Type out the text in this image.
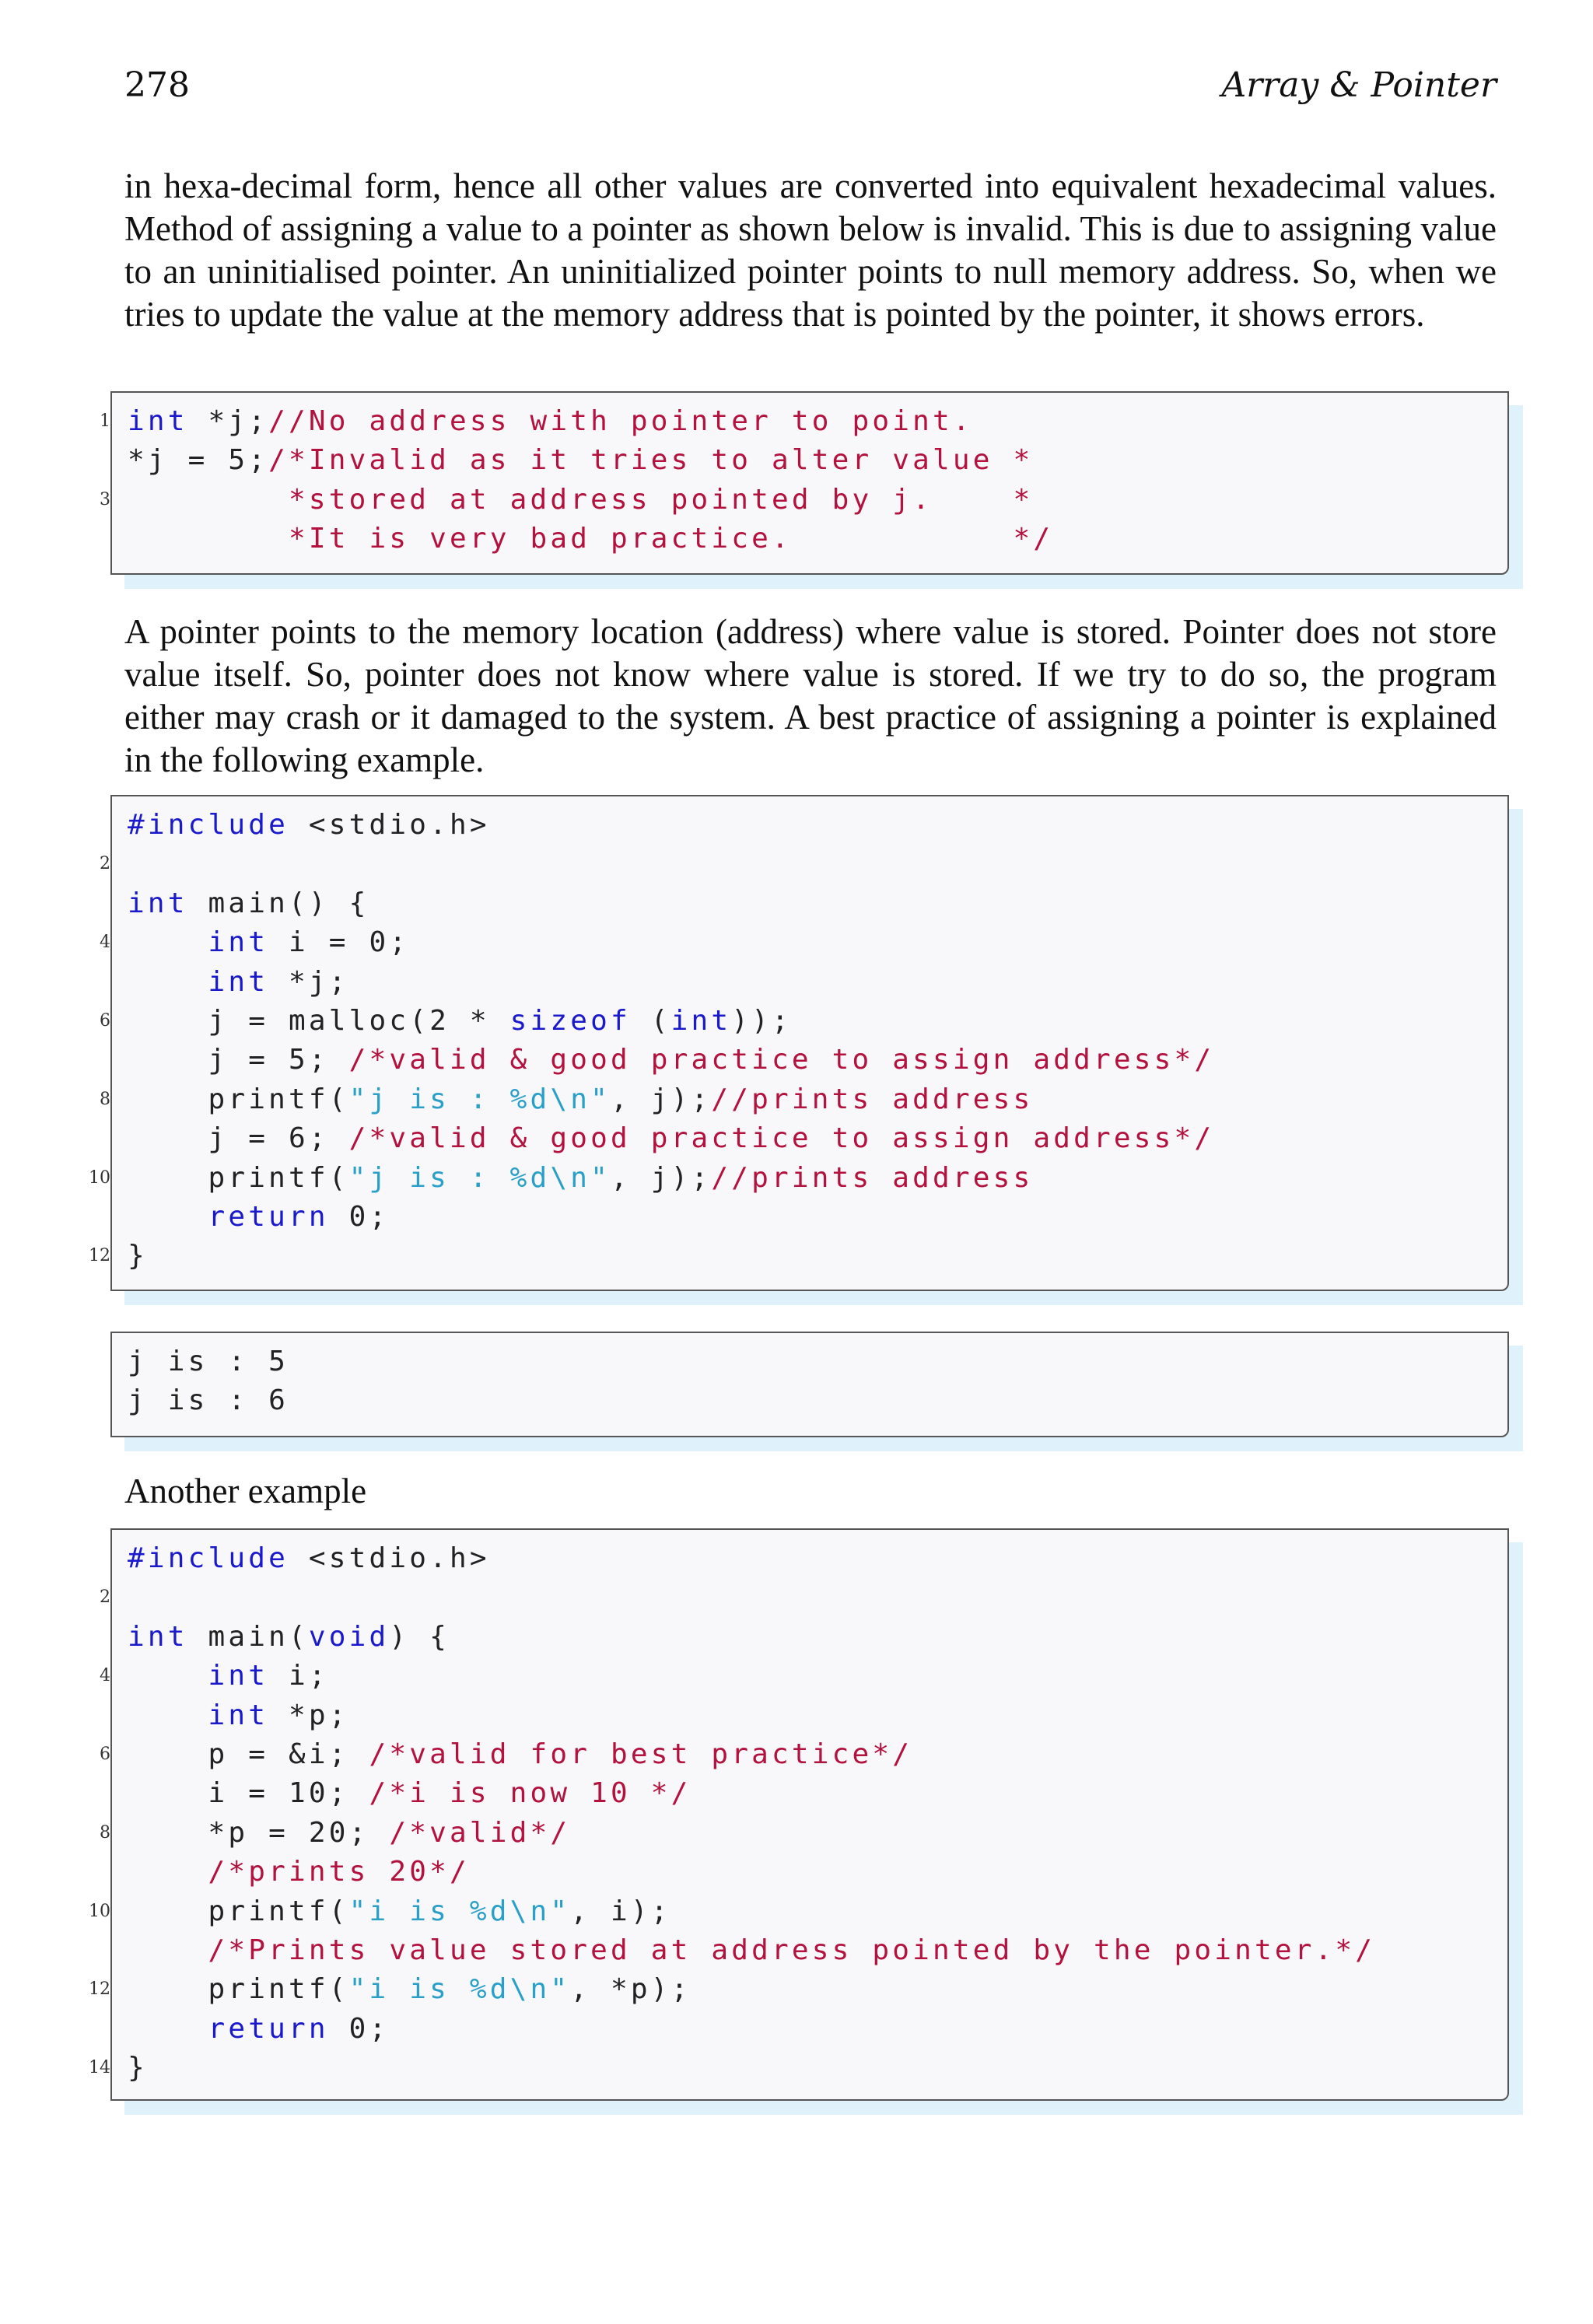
278	Array & Pointer
in hexa-decimal form, hence all other values are converted into equivalent hexadecimal values. Method of assigning a value to a pointer as shown below is invalid. This is due to assigning value to an uninitialised pointer. An uninitialized pointer points to null memory address. So, when we tries to update the value at the memory address that is pointed by the pointer, it shows errors.
1 int *j;//No address with pointer to point.
*j = 5;/*Invalid as it tries to alter value *
3 *stored at address pointed by j.    *
*It is very bad practice.           */
A pointer points to the memory location (address) where value is stored. Pointer does not store value itself. So, pointer does not know where value is stored. If we try to do so, the program either may crash or it damaged to the system. A best practice of assigning a pointer is explained in the following example.
#include <stdio.h>
2

int main() {
4	int i = 0;
int *j;
6 j = malloc(2 * sizeof (int));
j = 5; /*valid & good practice to assign address*/
8 printf("j is : %d\n", j);//prints address
j = 6; /*valid & good practice to assign address*/
10 printf("j is : %d\n", j);//prints address
return 0;
12 }
j is : 5
j is : 6
Another example
#include <stdio.h>
2

int main(void) {
4	int i;
int *p;
6 p = &i; /*valid for best practice*/
i = 10; /*i is now 10 */
8 *p = 20; /*valid*/
/*prints 20*/
10 printf("i is %d\n", i);
/*Prints value stored at address pointed by the pointer.*/
12 printf("i is %d\n", *p);
return 0;
14 }
